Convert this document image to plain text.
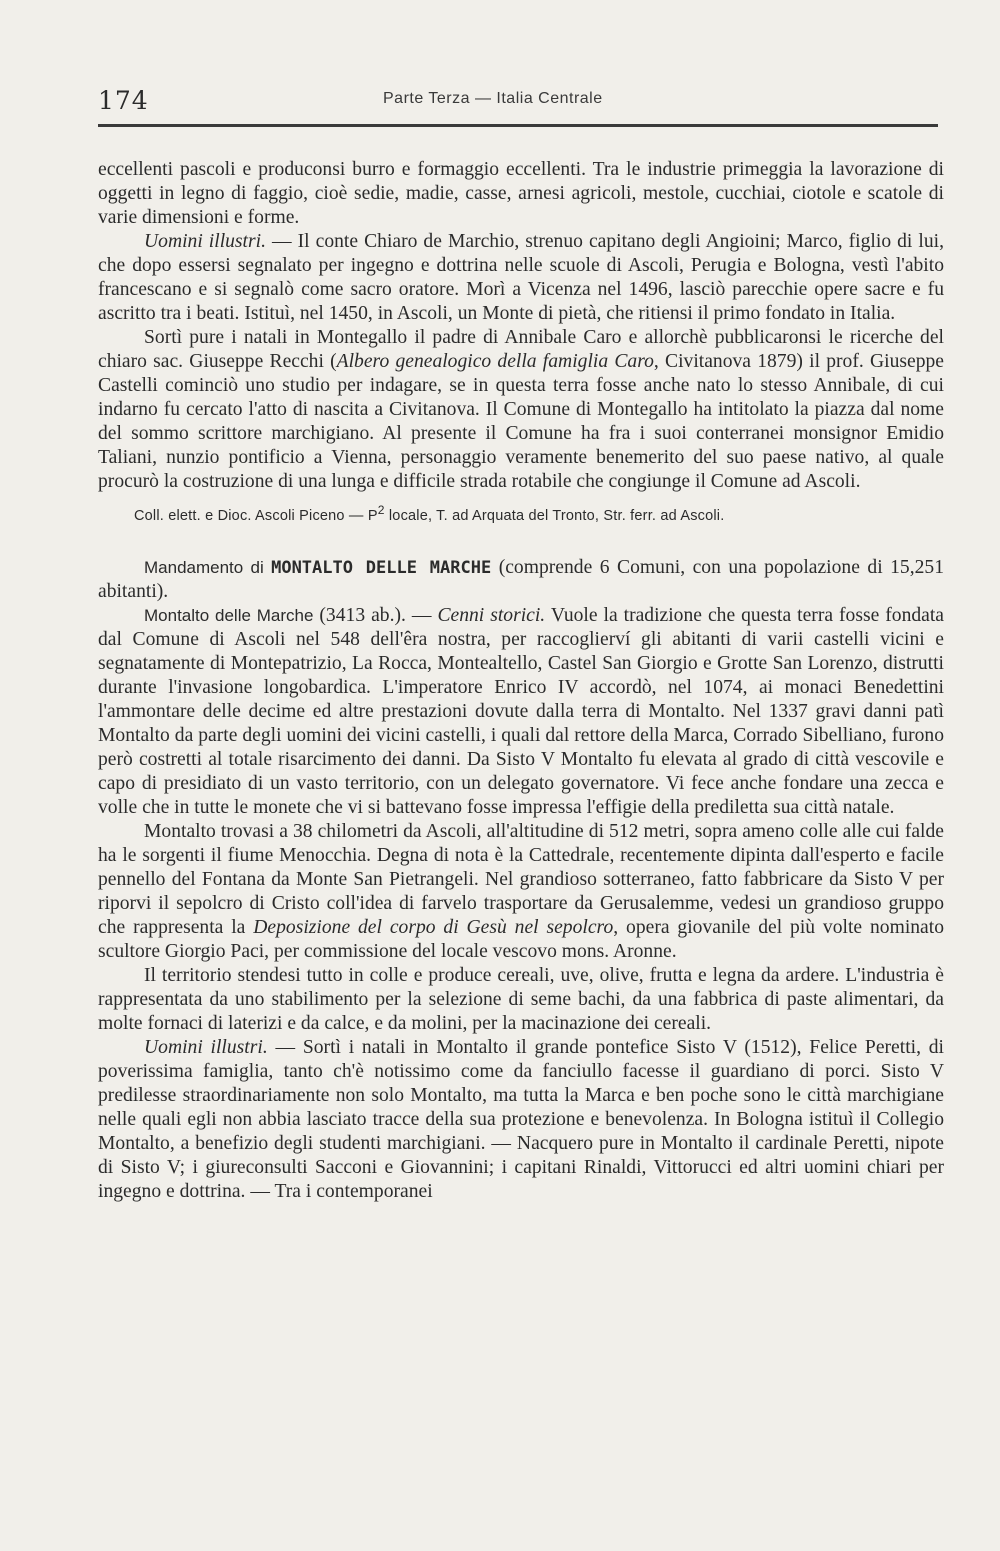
174	Parte Terza — Italia Centrale

eccellenti pascoli e produconsi burro e formaggio eccellenti. Tra le industrie primeggia la lavorazione di oggetti in legno di faggio, cioè sedie, madie, casse, arnesi agricoli, mestole, cucchiai, ciotole e scatole di varie dimensioni e forme.

Uomini illustri. — Il conte Chiaro de Marchio, strenuo capitano degli Angioini; Marco, figlio di lui, che dopo essersi segnalato per ingegno e dottrina nelle scuole di Ascoli, Perugia e Bologna, vestì l'abito francescano e si segnalò come sacro oratore. Morì a Vicenza nel 1496, lasciò parecchie opere sacre e fu ascritto tra i beati. Istituì, nel 1450, in Ascoli, un Monte di pietà, che ritiensi il primo fondato in Italia.

Sortì pure i natali in Montegallo il padre di Annibale Caro e allorchè pubblicaronsi le ricerche del chiaro sac. Giuseppe Recchi (Albero genealogico della famiglia Caro, Civitanova 1879) il prof. Giuseppe Castelli cominciò uno studio per indagare, se in questa terra fosse anche nato lo stesso Annibale, di cui indarno fu cercato l'atto di nascita a Civitanova. Il Comune di Montegallo ha intitolato la piazza dal nome del sommo scrittore marchigiano. Al presente il Comune ha fra i suoi conterranei monsignor Emidio Taliani, nunzio pontificio a Vienna, personaggio veramente benemerito del suo paese nativo, al quale procurò la costruzione di una lunga e difficile strada rotabile che congiunge il Comune ad Ascoli.

Coll. elett. e Dioc. Ascoli Piceno — $P^2$ locale, T. ad Arquata del Tronto, Str. ferr. ad Ascoli.

Mandamento di MONTALTO DELLE MARCHE (comprende 6 Comuni, con una popolazione di 15,251 abitanti).

Montalto delle Marche (3413 ab.). — Cenni storici. Vuole la tradizione che questa terra fosse fondata dal Comune di Ascoli nel 548 dell'êra nostra, per raccoglierví gli abitanti di varii castelli vicini e segnatamente di Montepatrizio, La Rocca, Montealtello, Castel San Giorgio e Grotte San Lorenzo, distrutti durante l'invasione longobardica. L'imperatore Enrico IV accordò, nel 1074, ai monaci Benedettini l'ammontare delle decime ed altre prestazioni dovute dalla terra di Montalto. Nel 1337 gravi danni patì Montalto da parte degli uomini dei vicini castelli, i quali dal rettore della Marca, Corrado Sibelliano, furono però costretti al totale risarcimento dei danni. Da Sisto V Montalto fu elevata al grado di città vescovile e capo di presidiato di un vasto territorio, con un delegato governatore. Vi fece anche fondare una zecca e volle che in tutte le monete che vi si battevano fosse impressa l'effigie della prediletta sua città natale.

Montalto trovasi a 38 chilometri da Ascoli, all'altitudine di 512 metri, sopra ameno colle alle cui falde ha le sorgenti il fiume Menocchia. Degna di nota è la Cattedrale, recentemente dipinta dall'esperto e facile pennello del Fontana da Monte San Pietrangeli. Nel grandioso sotterraneo, fatto fabbricare da Sisto V per riporvi il sepolcro di Cristo coll'idea di farvelo trasportare da Gerusalemme, vedesi un grandioso gruppo che rappresenta la Deposizione del corpo di Gesù nel sepolcro, opera giovanile del più volte nominato scultore Giorgio Paci, per commissione del locale vescovo mons. Aronne.

Il territorio stendesi tutto in colle e produce cereali, uve, olive, frutta e legna da ardere. L'industria è rappresentata da uno stabilimento per la selezione di seme bachi, da una fabbrica di paste alimentari, da molte fornaci di laterizi e da calce, e da molini, per la macinazione dei cereali.

Uomini illustri. — Sortì i natali in Montalto il grande pontefice Sisto V (1512), Felice Peretti, di poverissima famiglia, tanto ch'è notissimo come da fanciullo facesse il guardiano di porci. Sisto V predilesse straordinariamente non solo Montalto, ma tutta la Marca e ben poche sono le città marchigiane nelle quali egli non abbia lasciato tracce della sua protezione e benevolenza. In Bologna istituì il Collegio Montalto, a benefizio degli studenti marchigiani. — Nacquero pure in Montalto il cardinale Peretti, nipote di Sisto V; i giureconsulti Sacconi e Giovannini; i capitani Rinaldi, Vittorucci ed altri uomini chiari per ingegno e dottrina. — Tra i contemporanei
